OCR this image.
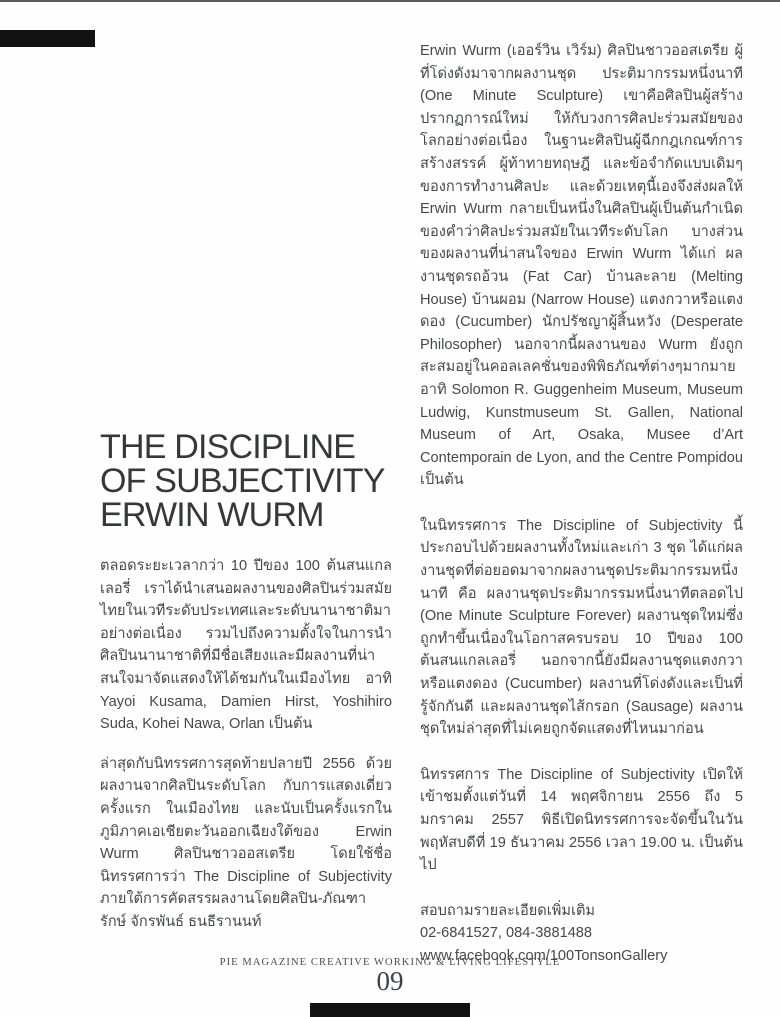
THE DISCIPLINE
OF SUBJECTIVITY
ERWIN WURM

ตลอดระยะเวลากว่า 10 ปีของ 100 ต้นสนแกลเลอรี่ เราได้นำเสนอผลงานของศิลปินร่วมสมัยไทยในเวทีระดับประเทศและระดับนานาชาติมาอย่างต่อเนื่อง รวมไปถึงความตั้งใจในการนำศิลปินนานาชาติที่มีชื่อเสียงและมีผลงานที่น่าสนใจมาจัดแสดงให้ได้ชมกันในเมืองไทย อาทิ Yayoi Kusama, Damien Hirst, Yoshihiro Suda, Kohei Nawa, Orlan เป็นต้น

ล่าสุดกับนิทรรศการสุดท้ายปลายปี 2556 ด้วยผลงานจากศิลปินระดับโลก กับการแสดงเดี่ยวครั้งแรก ในเมืองไทย และนับเป็นครั้งแรกในภูมิภาคเอเชียตะวันออกเฉียงใต้ของ Erwin Wurm ศิลปินชาวออสเตรีย โดยใช้ชื่อนิทรรศการว่า The Discipline of Subjectivity ภายใต้การคัดสรรผลงานโดยศิลปิน-ภัณฑารักษ์ จักรพันธ์ ธนธีรานนท์

Erwin Wurm (เออร์วิน เวิร์ม) ศิลปินชาวออสเตรีย ผู้ที่โด่งดังมาจากผลงานชุด ประติมากรรมหนึ่งนาที (One Minute Sculpture) เขาคือศิลปินผู้สร้างปรากฏการณ์ใหม่ ให้กับวงการศิลปะร่วมสมัยของโลกอย่างต่อเนื่อง ในฐานะศิลปินผู้ฉีกกฎเกณฑ์การสร้างสรรค์ ผู้ท้าทายทฤษฎี และข้อจำกัดแบบเดิมๆของการทำงานศิลปะ และด้วยเหตุนี้เองจึงส่งผลให้ Erwin Wurm กลายเป็นหนึ่งในศิลปินผู้เป็นต้นกำเนิด ของคำว่าศิลปะร่วมสมัยในเวทีระดับโลก บางส่วนของผลงานที่น่าสนใจของ Erwin Wurm ได้แก่ ผลงานชุดรถอ้วน (Fat Car) บ้านละลาย (Melting House) บ้านผอม (Narrow House) แตงกวาหรือแตงดอง (Cucumber) นักปรัชญาผู้สิ้นหวัง (Desperate Philosopher) นอกจากนี้ผลงานของ Wurm ยังถูกสะสมอยู่ในคอลเลคชั่นของพิพิธภัณฑ์ต่างๆมากมาย อาทิ Solomon R. Guggenheim Museum, Museum Ludwig, Kunstmuseum St. Gallen, National Museum of Art, Osaka, Musee d’Art Contemporain de Lyon, and the Centre Pompidou เป็นต้น

ในนิทรรศการ The Discipline of Subjectivity นี้ประกอบไปด้วยผลงานทั้งใหม่และเก่า 3 ชุด ได้แก่ผลงานชุดที่ต่อยอดมาจากผลงานชุดประติมากรรมหนึ่งนาที คือ ผลงานชุดประติมากรรมหนึ่งนาทีตลอดไป (One Minute Sculpture Forever) ผลงานชุดใหม่ซึ่งถูกทำขึ้นเนื่องในโอกาสครบรอบ 10 ปีของ 100 ต้นสนแกลเลอรี่ นอกจากนี้ยังมีผลงานชุดแตงกวาหรือแตงดอง (Cucumber) ผลงานที่โด่งดังและเป็นที่รู้จักกันดี และผลงานชุดไส้กรอก (Sausage) ผลงานชุดใหม่ล่าสุดที่ไม่เคยถูกจัดแสดงที่ไหนมาก่อน

นิทรรศการ The Discipline of Subjectivity เปิดให้เข้าชมตั้งแต่วันที่ 14 พฤศจิกายน 2556 ถึง 5 มกราคม 2557 พิธีเปิดนิทรรศการจะจัดขึ้นในวันพฤหัสบดีที่ 19 ธันวาคม 2556 เวลา 19.00 น. เป็นต้นไป

สอบถามรายละเอียดเพิ่มเติม
02-6841527, 084-3881488
www.facebook.com/100TonsonGallery
PIE MAGAZINE CREATIVE WORKING & LIVING LIFESTYLE
09
